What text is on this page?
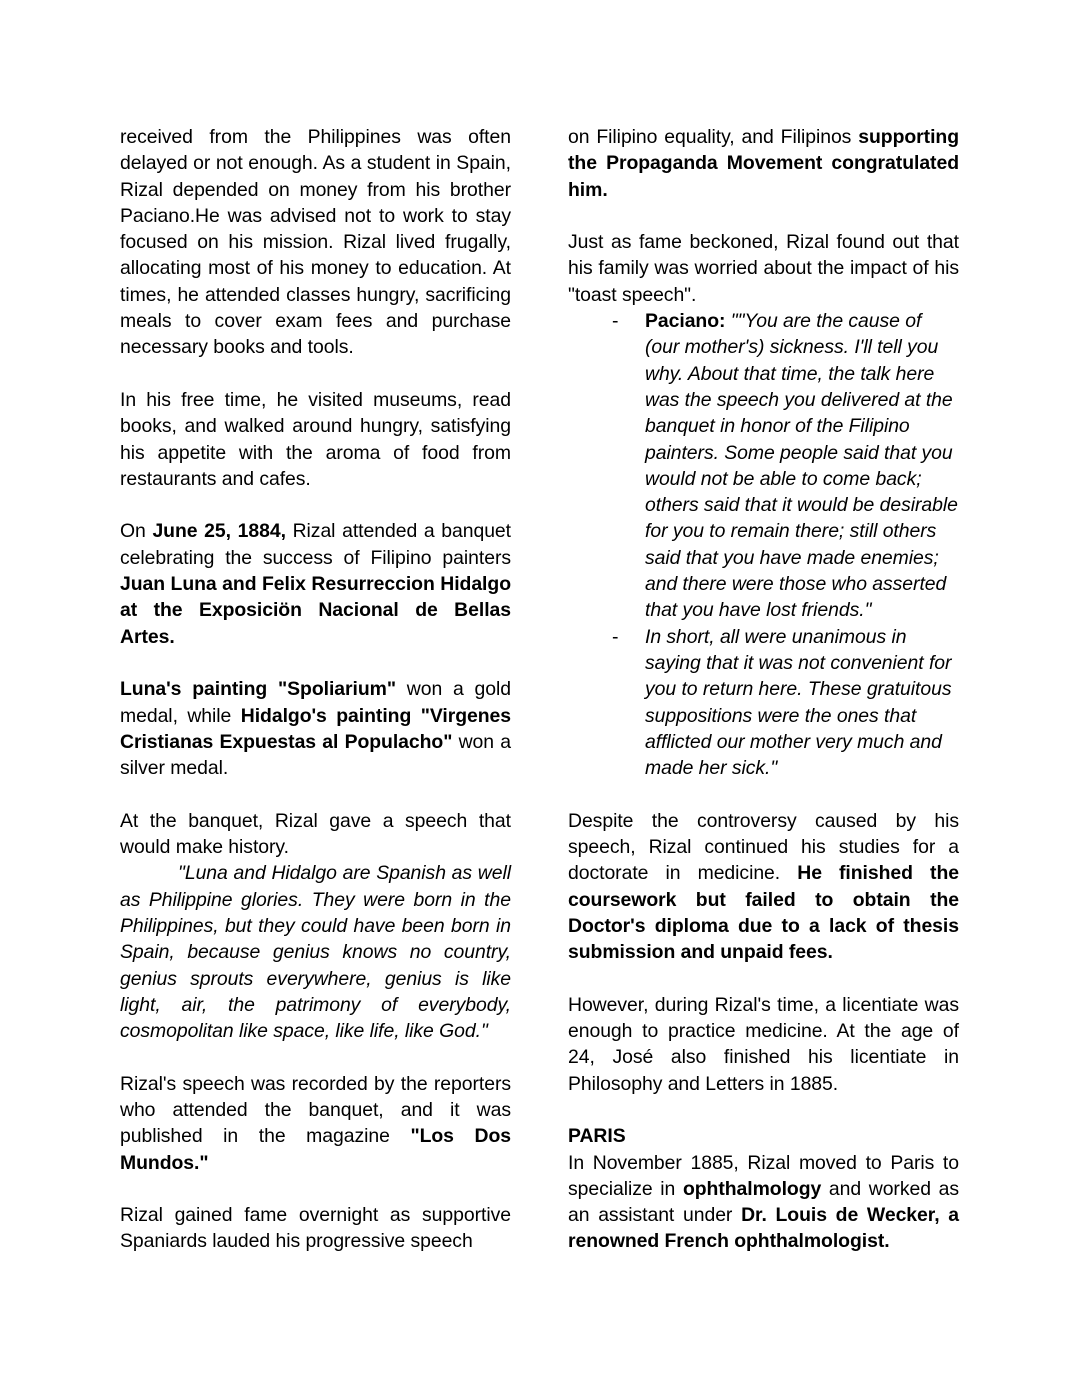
received from the Philippines was often delayed or not enough. As a student in Spain, Rizal depended on money from his brother Paciano.He was advised not to work to stay focused on his mission. Rizal lived frugally, allocating most of his money to education. At times, he attended classes hungry, sacrificing meals to cover exam fees and purchase necessary books and tools.

In his free time, he visited museums, read books, and walked around hungry, satisfying his appetite with the aroma of food from restaurants and cafes.

On June 25, 1884, Rizal attended a banquet celebrating the success of Filipino painters Juan Luna and Felix Resurreccion Hidalgo at the Exposiciön Nacional de Bellas Artes.

Luna's painting "Spoliarium" won a gold medal, while Hidalgo's painting "Virgenes Cristianas Expuestas al Populacho" won a silver medal.

At the banquet, Rizal gave a speech that would make history.

"Luna and Hidalgo are Spanish as well as Philippine glories. They were born in the Philippines, but they could have been born in Spain, because genius knows no country, genius sprouts everywhere, genius is like light, air, the patrimony of everybody, cosmopolitan like space, like life, like God."

Rizal's speech was recorded by the reporters who attended the banquet, and it was published in the magazine "Los Dos Mundos."

Rizal gained fame overnight as supportive Spaniards lauded his progressive speech

on Filipino equality, and Filipinos supporting the Propaganda Movement congratulated him.

Just as fame beckoned, Rizal found out that his family was worried about the impact of his "toast speech".

- Paciano: ""You are the cause of (our mother's) sickness. I'll tell you why. About that time, the talk here was the speech you delivered at the banquet in honor of the Filipino painters. Some people said that you would not be able to come back; others said that it would be desirable for you to remain there; still others said that you have made enemies; and there were those who asserted that you have lost friends."
- In short, all were unanimous in saying that it was not convenient for you to return here. These gratuitous suppositions were the ones that afflicted our mother very much and made her sick."

Despite the controversy caused by his speech, Rizal continued his studies for a doctorate in medicine. He finished the coursework but failed to obtain the Doctor's diploma due to a lack of thesis submission and unpaid fees.

However, during Rizal's time, a licentiate was enough to practice medicine. At the age of 24, José also finished his licentiate in Philosophy and Letters in 1885.

PARIS

In November 1885, Rizal moved to Paris to specialize in ophthalmology and worked as an assistant under Dr. Louis de Wecker, a renowned French ophthalmologist.
